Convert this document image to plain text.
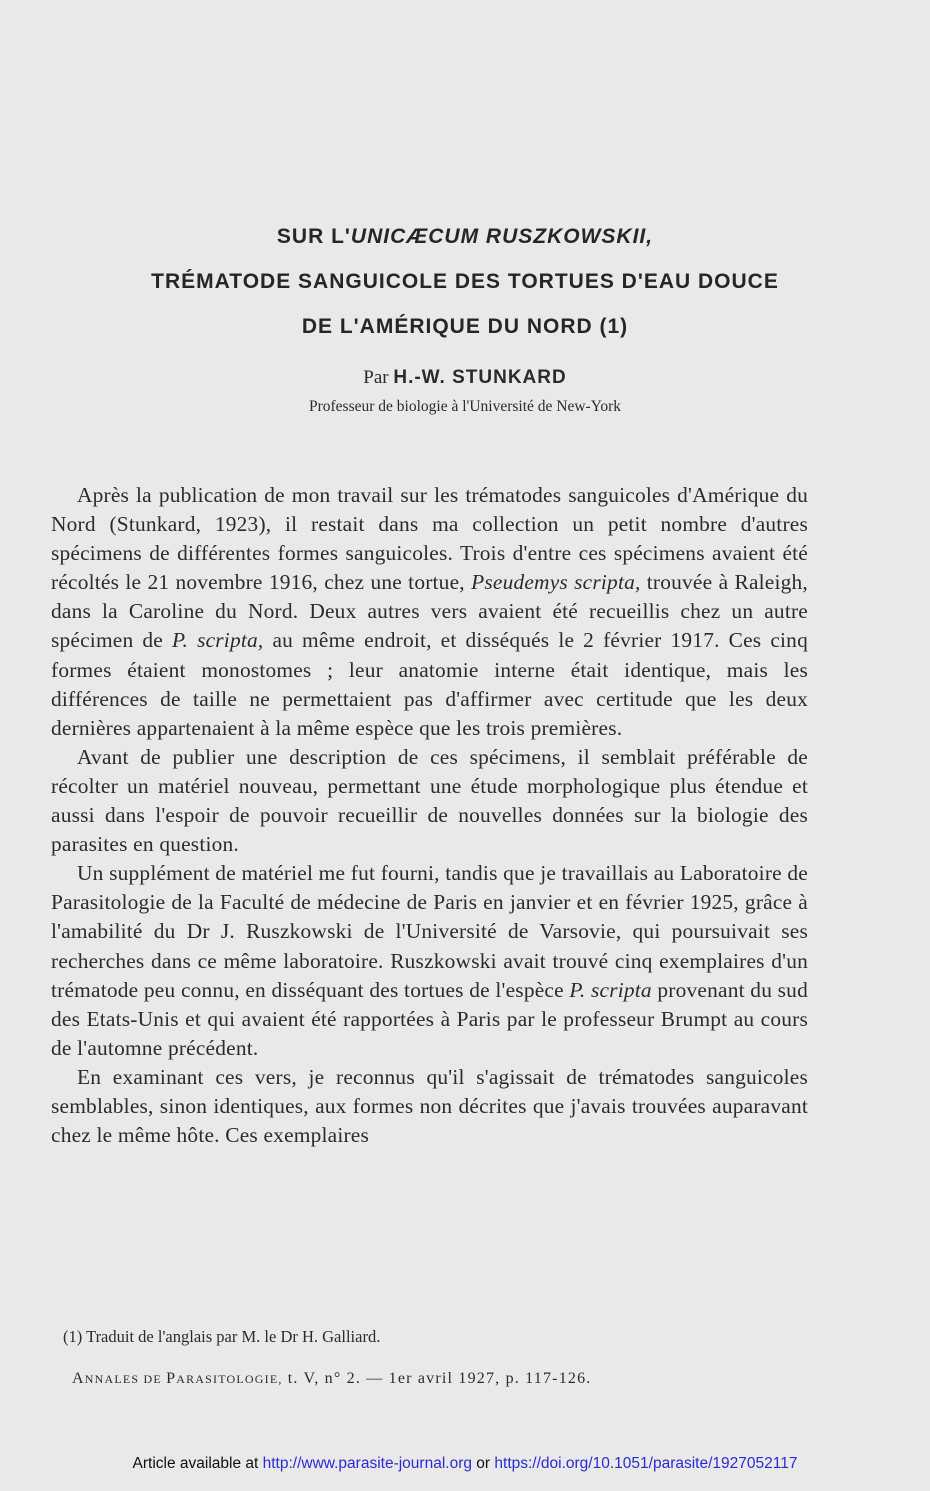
SUR L'UNICÆCUM RUSZKOWSKII,
TRÉMATODE SANGUICOLE DES TORTUES D'EAU DOUCE
DE L'AMÉRIQUE DU NORD (1)
Par H.-W. STUNKARD
Professeur de biologie à l'Université de New-York

Après la publication de mon travail sur les trématodes sanguicoles d'Amérique du Nord (Stunkard, 1923), il restait dans ma collection un petit nombre d'autres spécimens de différentes formes sanguicoles. Trois d'entre ces spécimens avaient été récoltés le 21 novembre 1916, chez une tortue, Pseudemys scripta, trouvée à Raleigh, dans la Caroline du Nord. Deux autres vers avaient été recueillis chez un autre spécimen de P. scripta, au même endroit, et disséqués le 2 février 1917. Ces cinq formes étaient monostomes ; leur anatomie interne était identique, mais les différences de taille ne permettaient pas d'affirmer avec certitude que les deux dernières appartenaient à la même espèce que les trois premières.

Avant de publier une description de ces spécimens, il semblait préférable de récolter un matériel nouveau, permettant une étude morphologique plus étendue et aussi dans l'espoir de pouvoir recueillir de nouvelles données sur la biologie des parasites en question.

Un supplément de matériel me fut fourni, tandis que je travaillais au Laboratoire de Parasitologie de la Faculté de médecine de Paris en janvier et en février 1925, grâce à l'amabilité du Dr J. Ruszkowski de l'Université de Varsovie, qui poursuivait ses recherches dans ce même laboratoire. Ruszkowski avait trouvé cinq exemplaires d'un trématode peu connu, en disséquant des tortues de l'espèce P. scripta provenant du sud des Etats-Unis et qui avaient été rapportées à Paris par le professeur Brumpt au cours de l'automne précédent.

En examinant ces vers, je reconnus qu'il s'agissait de trématodes sanguicoles semblables, sinon identiques, aux formes non décrites que j'avais trouvées auparavant chez le même hôte. Ces exemplaires

(1) Traduit de l'anglais par M. le Dr H. Galliard.
ANNALES DE PARASITOLOGIE, t. V, n° 2. — 1er avril 1927, p. 117-126.
Article available at http://www.parasite-journal.org or https://doi.org/10.1051/parasite/1927052117
